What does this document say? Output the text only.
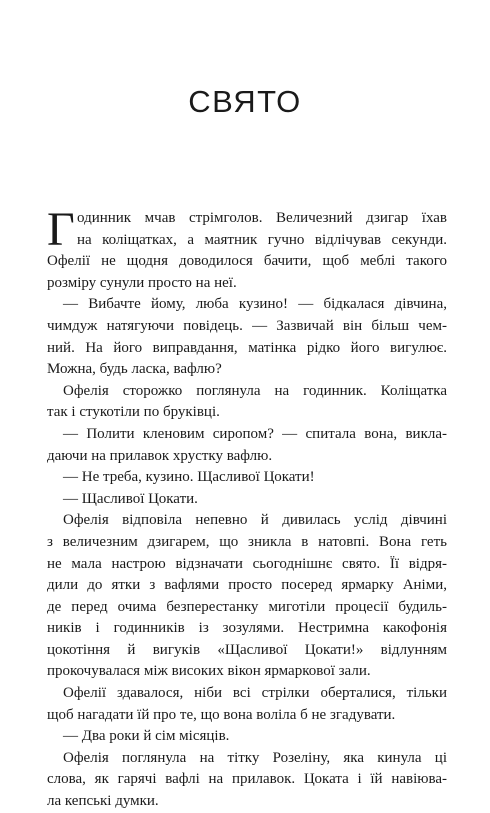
СВЯТО
Г одинник мчав стрімголов. Величезний дзигар їхав
на коліщатках, а маятник гучно відлічував секунди.
Офелії не щодня доводилося бачити, щоб меблі такого
розміру сунули просто на неї.
— Вибачте йому, люба кузино! — бідкалася дівчина,
чимдуж натягуючи повідець. — Зазвичай він більш чем-
ний. На його виправдання, матінка рідко його вигулює.
Можна, будь ласка, вафлю?
Офелія сторожко поглянула на годинник. Коліщатка
так і стукотіли по бруківці.
— Полити кленовим сиропом? — спитала вона, викла-
даючи на прилавок хрустку вафлю.
— Не треба, кузино. Щасливої Цокати!
— Щасливої Цокати.
Офелія відповіла непевно й дивилась услід дівчині
з величезним дзигарем, що зникла в натовпі. Вона геть
не мала настрою відзначати сьогоднішнє свято. Її відря-
дили до ятки з вафлями просто посеред ярмарку Аніми,
де перед очима безперестанку миготіли процесії будиль-
ників і годинників із зозулями. Нестримна какофонія
цокотіння й вигуків «Щасливої Цокати!» відлунням
прокочувалася між високих вікон ярмаркової зали.
Офелії здавалося, ніби всі стрілки оберталися, тільки
щоб нагадати їй про те, що вона воліла б не згадувати.
— Два роки й сім місяців.
Офелія поглянула на тітку Розеліну, яка кинула ці
слова, як гарячі вафлі на прилавок. Цоката і їй навіюва-
ла кепські думки.
